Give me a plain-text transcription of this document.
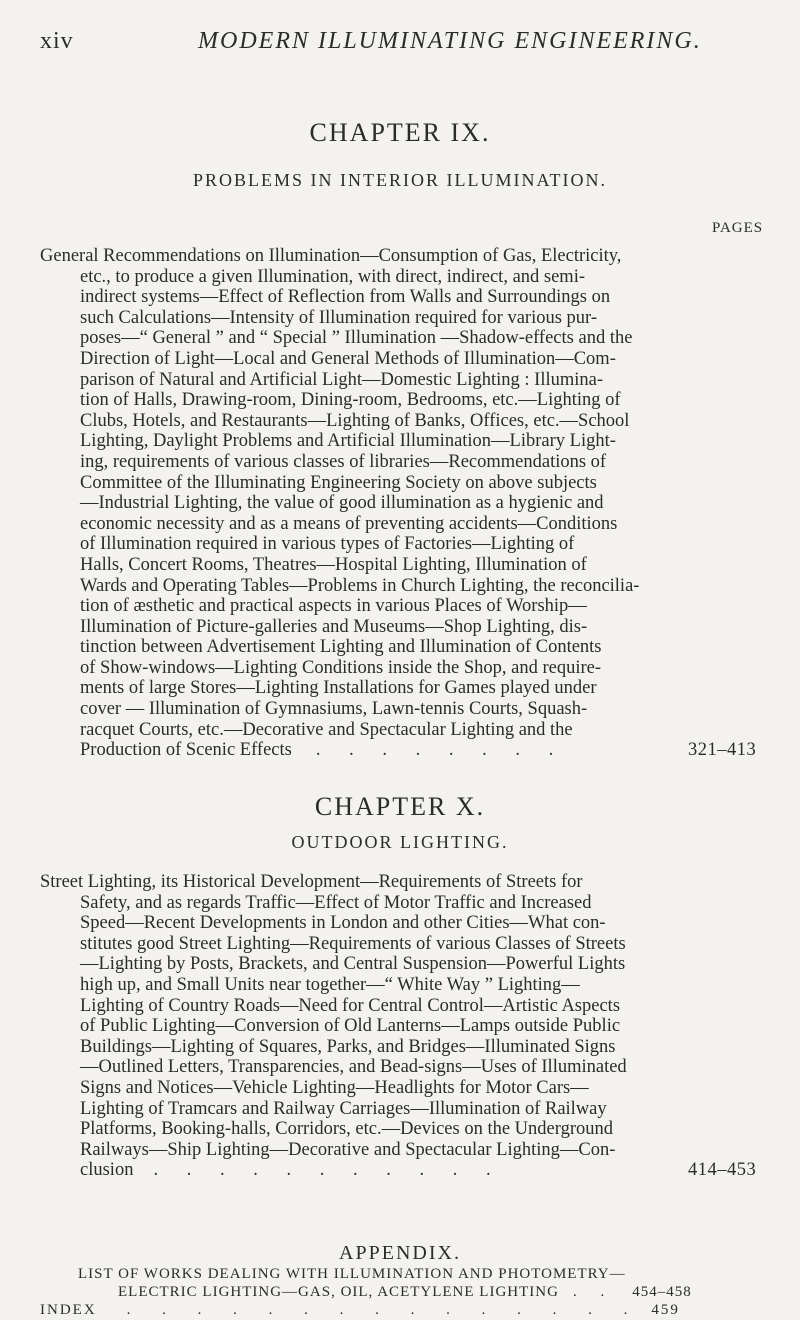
xiv	MODERN ILLUMINATING ENGINEERING.
CHAPTER IX.
PROBLEMS IN INTERIOR ILLUMINATION.
PAGES
General Recommendations on Illumination—Consumption of Gas, Electricity,
etc., to produce a given Illumination, with direct, indirect, and semi-
indirect systems—Effect of Reflection from Walls and Surroundings on
such Calculations—Intensity of Illumination required for various pur-
poses—“ General ” and “ Special ” Illumination —Shadow-effects and the
Direction of Light—Local and General Methods of Illumination—Com-
parison of Natural and Artificial Light—Domestic Lighting : Illumina-
tion of Halls, Drawing-room, Dining-room, Bedrooms, etc.—Lighting of
Clubs, Hotels, and Restaurants—Lighting of Banks, Offices, etc.—School
Lighting, Daylight Problems and Artificial Illumination—Library Light-
ing, requirements of various classes of libraries—Recommendations of
Committee of the Illuminating Engineering Society on above subjects
—Industrial Lighting, the value of good illumination as a hygienic and
economic necessity and as a means of preventing accidents—Conditions
of Illumination required in various types of Factories—Lighting of
Halls, Concert Rooms, Theatres—Hospital Lighting, Illumination of
Wards and Operating Tables—Problems in Church Lighting, the reconcilia-
tion of æsthetic and practical aspects in various Places of Worship—
Illumination of Picture-galleries and Museums—Shop Lighting, dis-
tinction between Advertisement Lighting and Illumination of Contents
of Show-windows—Lighting Conditions inside the Shop, and require-
ments of large Stores—Lighting Installations for Games played under
cover — Illumination of Gymnasiums, Lawn-tennis Courts, Squash-
racquet Courts, etc.—Decorative and Spectacular Lighting and the
Production of Scenic Effects . . . . . . . .	321–413
CHAPTER X.
OUTDOOR LIGHTING.
Street Lighting, its Historical Development—Requirements of Streets for
Safety, and as regards Traffic—Effect of Motor Traffic and Increased
Speed—Recent Developments in London and other Cities—What con-
stitutes good Street Lighting—Requirements of various Classes of Streets
—Lighting by Posts, Brackets, and Central Suspension—Powerful Lights
high up, and Small Units near together—“ White Way ” Lighting—
Lighting of Country Roads—Need for Central Control—Artistic Aspects
of Public Lighting—Conversion of Old Lanterns—Lamps outside Public
Buildings—Lighting of Squares, Parks, and Bridges—Illuminated Signs
—Outlined Letters, Transparencies, and Bead-signs—Uses of Illuminated
Signs and Notices—Vehicle Lighting—Headlights for Motor Cars—
Lighting of Tramcars and Railway Carriages—Illumination of Railway
Platforms, Booking-halls, Corridors, etc.—Devices on the Underground
Railways—Ship Lighting—Decorative and Spectacular Lighting—Con-
clusion . . . . . . . . . . .	414–453
APPENDIX.
LIST OF WORKS DEALING WITH ILLUMINATION AND PHOTOMETRY—
ELECTRIC LIGHTING—GAS, OIL, ACETYLENE LIGHTING . . 454–458
INDEX . . . . . . . . . . . . . . . 459
